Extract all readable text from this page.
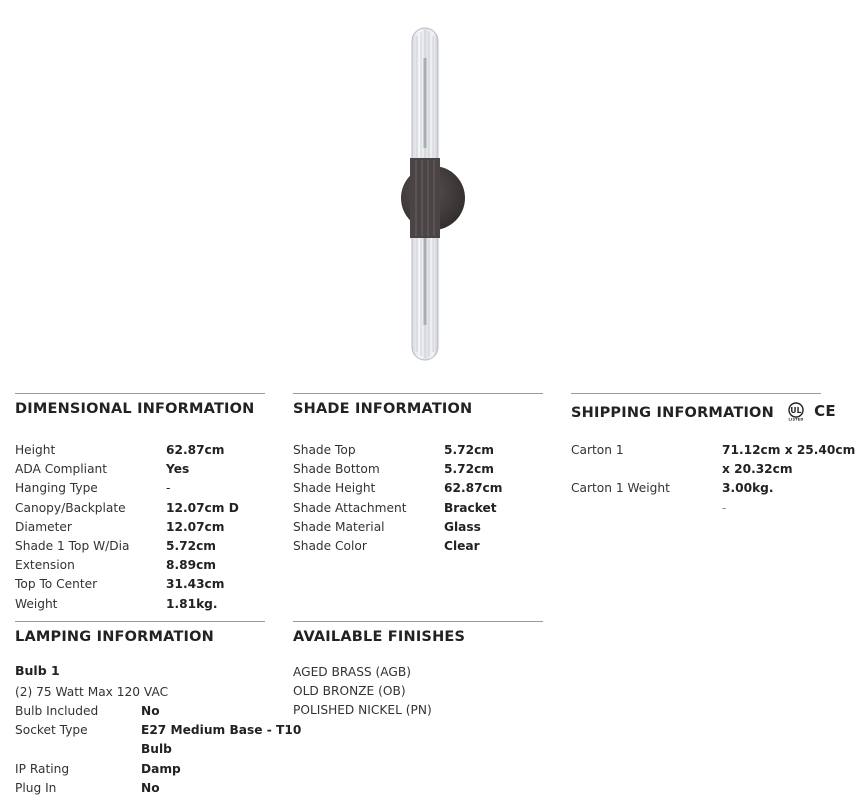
DIMENSIONAL INFORMATION
Height	62.87cm
ADA Compliant	Yes
Hanging Type	-
Canopy/Backplate	12.07cm D
Diameter	12.07cm
Shade 1 Top W/Dia	5.72cm
Extension	8.89cm
Top To Center	31.43cm
Weight	1.81kg.
SHADE INFORMATION
Shade Top	5.72cm
Shade Bottom	5.72cm
Shade Height	62.87cm
Shade Attachment	Bracket
Shade Material	Glass
Shade Color	Clear
SHIPPING INFORMATION UL
LISTED CE
Carton 1	71.12cm x 25.40cm
x 20.32cm
Carton 1 Weight	3.00kg.
-
LAMPING INFORMATION
Bulb 1
(2) 75 Watt Max 120 VAC
Bulb Included	No
Socket Type	E27 Medium Base - T10
Bulb
IP Rating	Damp
Plug In	No
AVAILABLE FINISHES
AGED BRASS (AGB)
OLD BRONZE (OB)
POLISHED NICKEL (PN)
